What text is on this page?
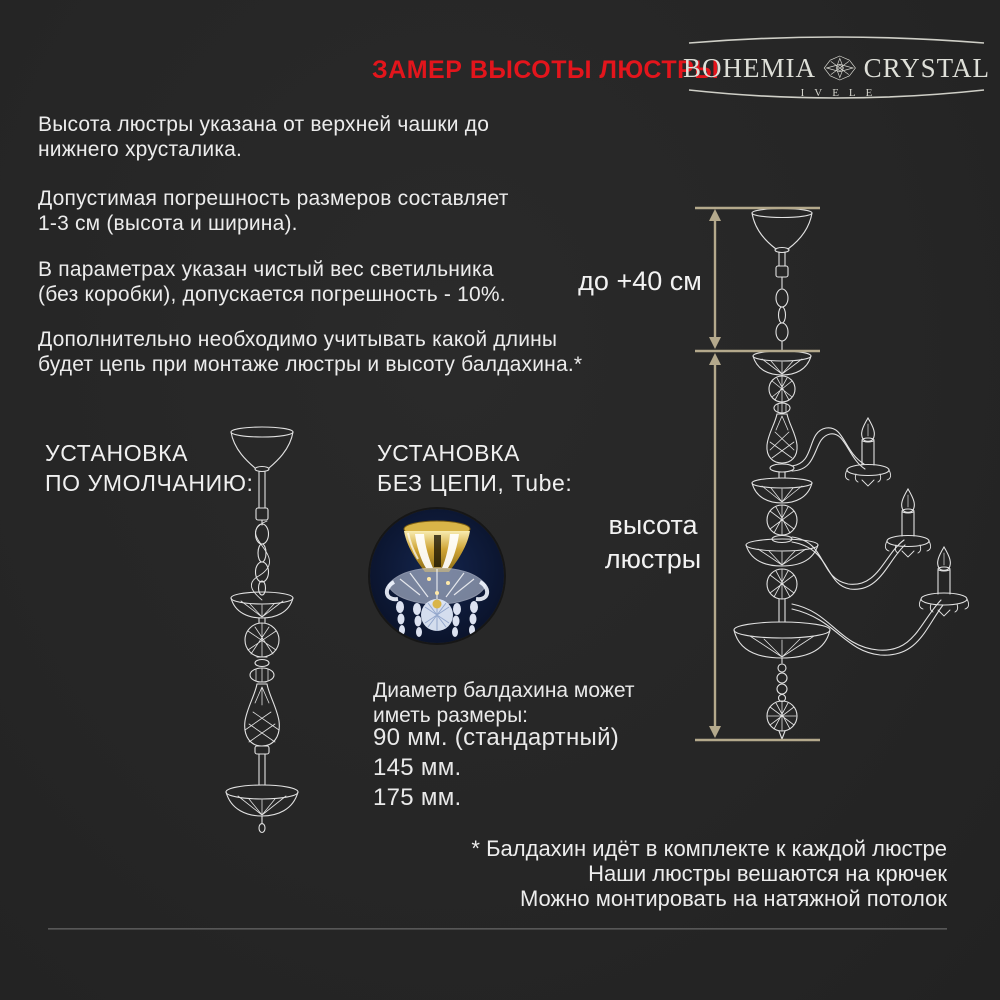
ЗАМЕР ВЫСОТЫ ЛЮСТРЫ
BOHEMIA CRYSTAL
IVELE
Высота люстры указана от верхней чашки до
нижнего хрусталика.
Допустимая погрешность размеров составляет
1-3 см (высота и ширина).
В параметрах указан чистый вес светильника
(без коробки), допускается погрешность - 10%.
Дополнительно необходимо учитывать какой длины
будет цепь при монтаже люстры и высоту балдахина.*
до +40 см
высота
люстры
УСТАНОВКА
ПО УМОЛЧАНИЮ:
УСТАНОВКА
БЕЗ ЦЕПИ, Tube:
Диаметр балдахина может
иметь размеры:
90 мм. (стандартный)
145 мм.
175 мм.
* Балдахин идёт в комплекте к каждой люстре
Наши люстры вешаются на крючек
Можно монтировать на натяжной потолок
